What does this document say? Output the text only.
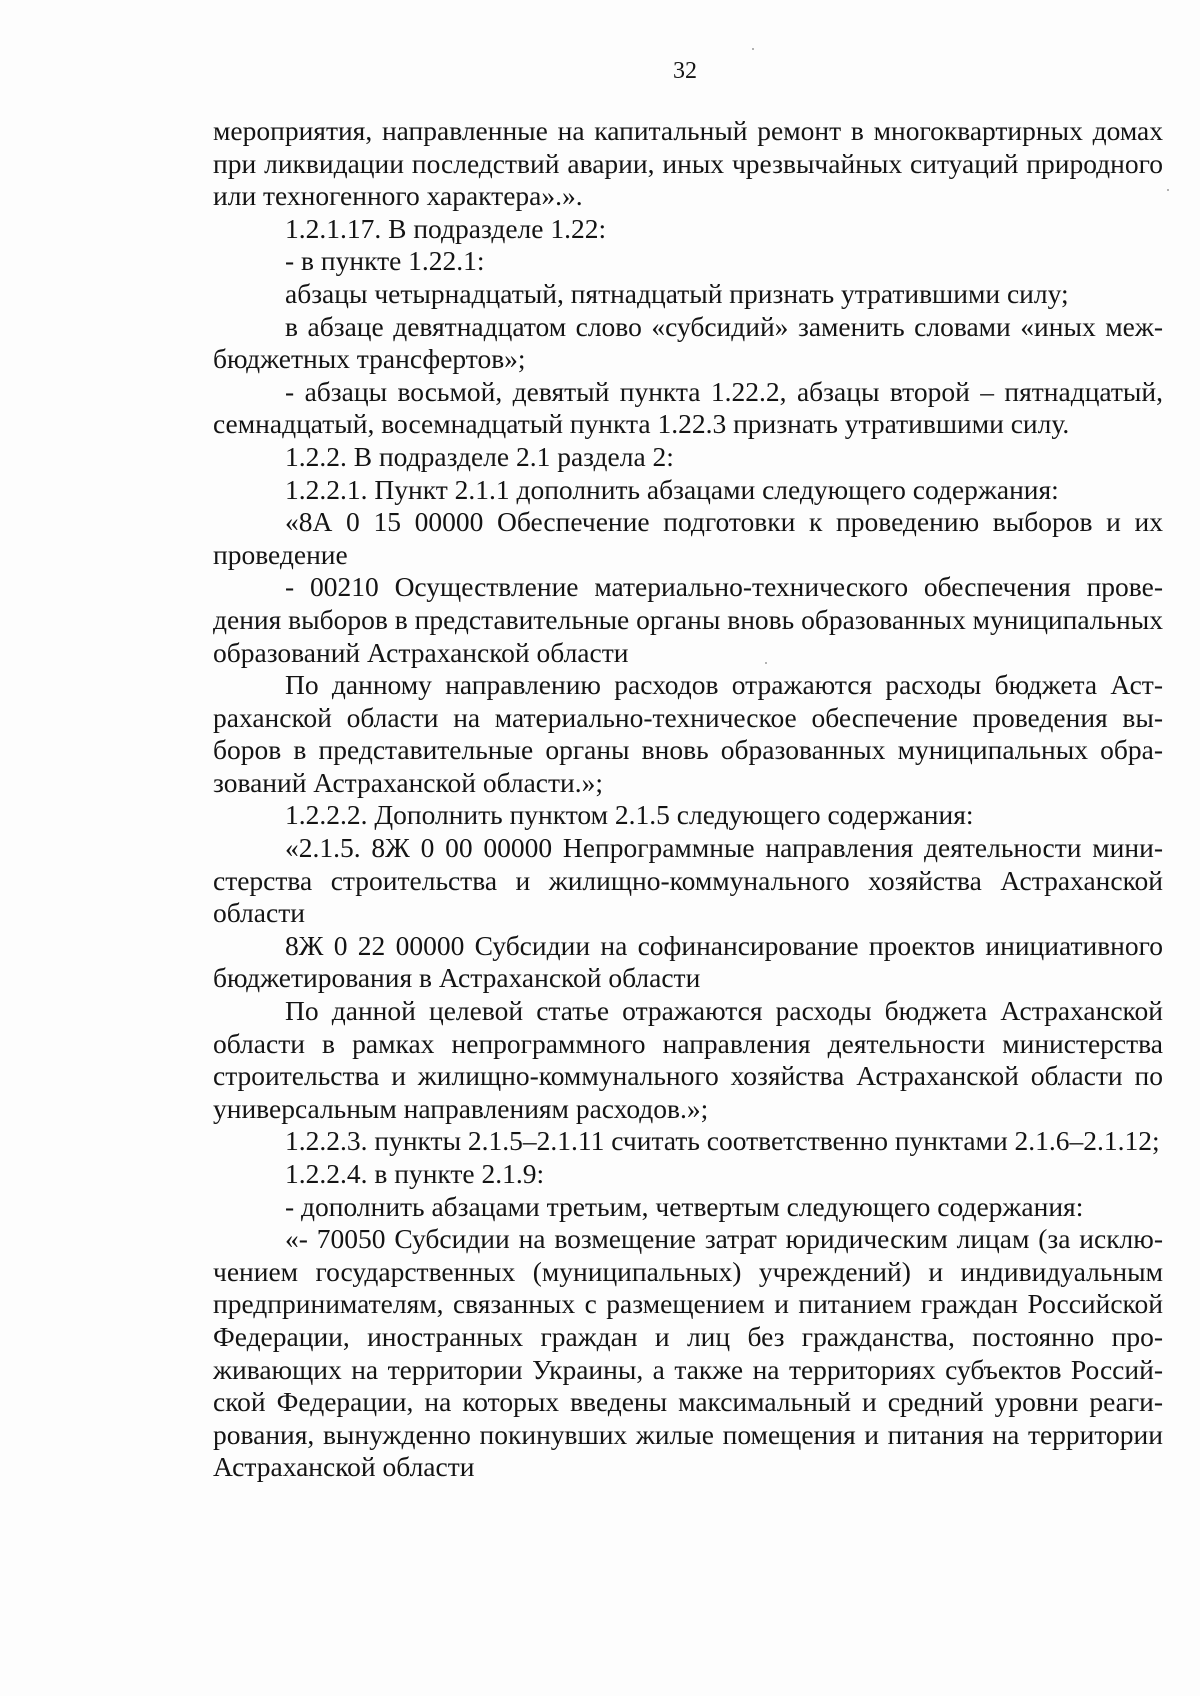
32

мероприятия, направленные на капитальный ремонт в многоквартирных домах при ликвидации последствий аварии, иных чрезвычайных ситуаций природного или техногенного характера».».

1.2.1.17. В подразделе 1.22:

- в пункте 1.22.1:

абзацы четырнадцатый, пятнадцатый признать утратившими силу;

в абзаце девятнадцатом слово «субсидий» заменить словами «иных межбюджетных трансфертов»;

- абзацы восьмой, девятый пункта 1.22.2, абзацы второй – пятнадцатый, семнадцатый, восемнадцатый пункта 1.22.3 признать утратившими силу.

1.2.2. В подразделе 2.1 раздела 2:

1.2.2.1. Пункт 2.1.1 дополнить абзацами следующего содержания:

«8А 0 15 00000 Обеспечение подготовки к проведению выборов и их проведение

- 00210 Осуществление материально-технического обеспечения проведения выборов в представительные органы вновь образованных муниципальных образований Астраханской области

По данному направлению расходов отражаются расходы бюджета Астраханской области на материально-техническое обеспечение проведения выборов в представительные органы вновь образованных муниципальных образований Астраханской области.»;

1.2.2.2. Дополнить пунктом 2.1.5 следующего содержания:

«2.1.5. 8Ж 0 00 00000 Непрограммные направления деятельности министерства строительства и жилищно-коммунального хозяйства Астраханской области

8Ж 0 22 00000 Субсидии на софинансирование проектов инициативного бюджетирования в Астраханской области

По данной целевой статье отражаются расходы бюджета Астраханской области в рамках непрограммного направления деятельности министерства строительства и жилищно-коммунального хозяйства Астраханской области по универсальным направлениям расходов.»;

1.2.2.3. пункты 2.1.5–2.1.11 считать соответственно пунктами 2.1.6–2.1.12;

1.2.2.4. в пункте 2.1.9:

- дополнить абзацами третьим, четвертым следующего содержания:

«- 70050 Субсидии на возмещение затрат юридическим лицам (за исключением государственных (муниципальных) учреждений) и индивидуальным предпринимателям, связанных с размещением и питанием граждан Российской Федерации, иностранных граждан и лиц без гражданства, постоянно проживающих на территории Украины, а также на территориях субъектов Российской Федерации, на которых введены максимальный и средний уровни реагирования, вынужденно покинувших жилые помещения и питания на территории Астраханской области
